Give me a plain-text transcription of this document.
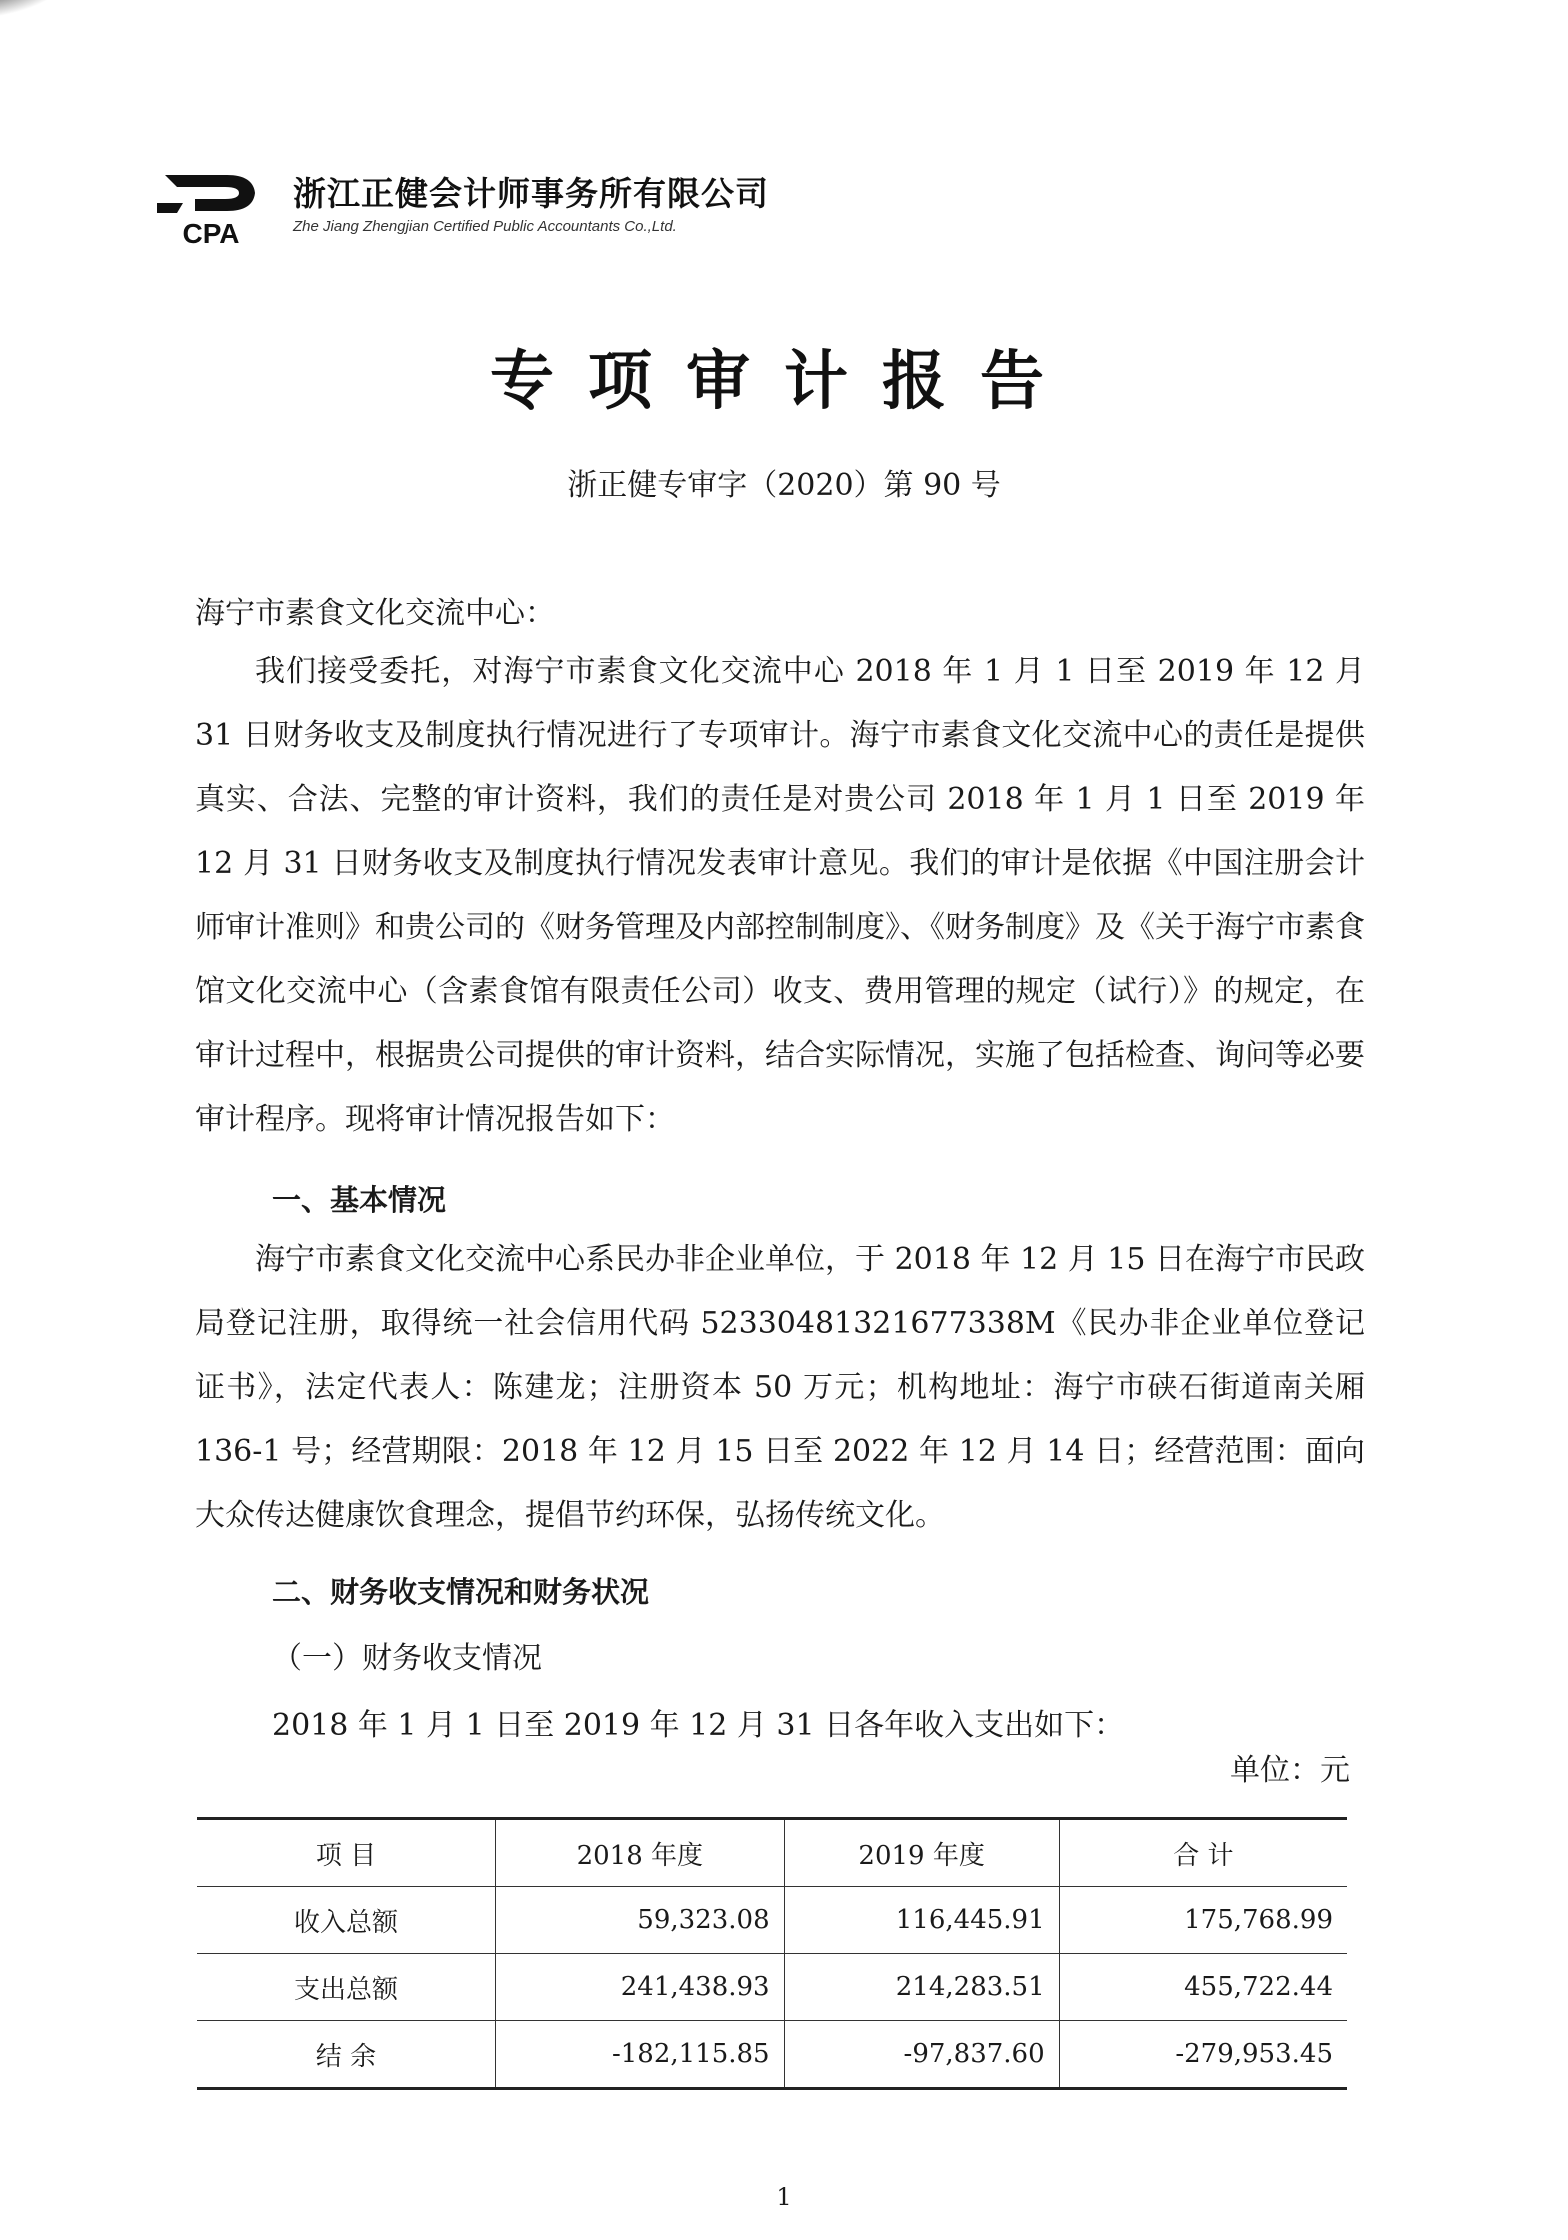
CPA
浙江正健会计师事务所有限公司
Zhe Jiang Zhengjian Certified Public Accountants Co.,Ltd.
专项审计报告
浙正健专审字（2020）第 90 号
海宁市素食文化交流中心：
我们接受委托，对海宁市素食文化交流中心 2018 年 1 月 1 日至 2019 年 12 月 31 日财务收支及制度执行情况进行了专项审计。海宁市素食文化交流中心的责任是提供真实、合法、完整的审计资料，我们的责任是对贵公司 2018 年 1 月 1 日至 2019 年 12 月 31 日财务收支及制度执行情况发表审计意见。我们的审计是依据《中国注册会计师审计准则》和贵公司的《财务管理及内部控制制度》、《财务制度》及《关于海宁市素食馆文化交流中心（含素食馆有限责任公司）收支、费用管理的规定（试行）》的规定，在审计过程中，根据贵公司提供的审计资料，结合实际情况，实施了包括检查、询问等必要审计程序。现将审计情况报告如下：
一、基本情况
海宁市素食文化交流中心系民办非企业单位，于 2018 年 12 月 15 日在海宁市民政局登记注册，取得统一社会信用代码 52330481321677338M《民办非企业单位登记证书》，法定代表人：陈建龙；注册资本 50 万元；机构地址：海宁市硖石街道南关厢 136-1 号；经营期限：2018 年 12 月 15 日至 2022 年 12 月 14 日；经营范围：面向大众传达健康饮食理念，提倡节约环保，弘扬传统文化。
二、财务收支情况和财务状况
（一）财务收支情况
2018 年 1 月 1 日至 2019 年 12 月 31 日各年收入支出如下：
单位：元
项 目	2018 年度	2019 年度	合 计
收入总额	59,323.08	116,445.91	175,768.99
支出总额	241,438.93	214,283.51	455,722.44
结 余	-182,115.85	-97,837.60	-279,953.45
1
